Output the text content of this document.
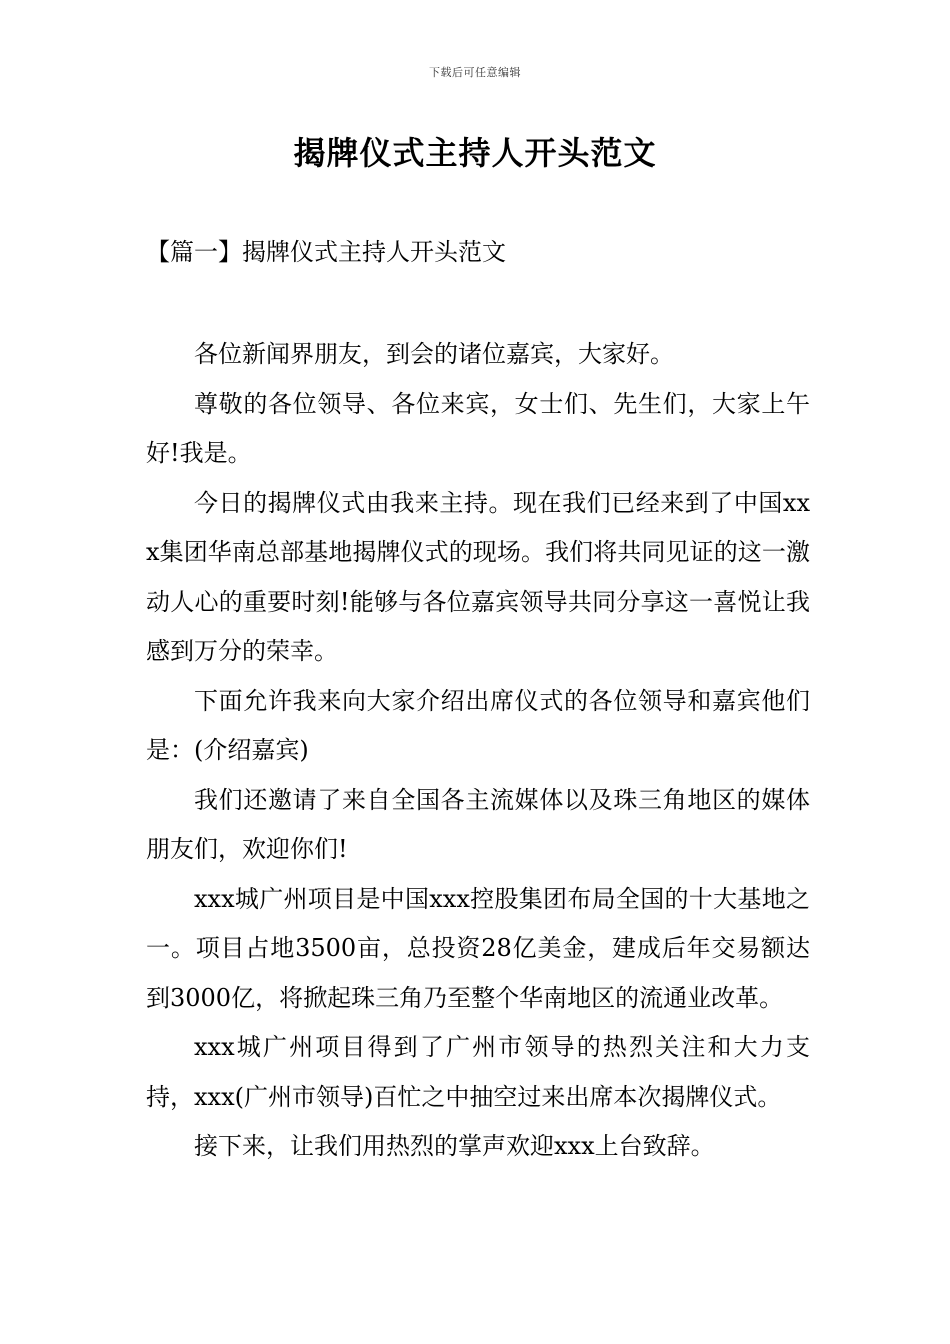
下载后可任意编辑
揭牌仪式主持人开头范文
【篇一】揭牌仪式主持人开头范文

各位新闻界朋友，到会的诸位嘉宾，大家好。

尊敬的各位领导、各位来宾，女士们、先生们，大家上午好!我是。

今日的揭牌仪式由我来主持。现在我们已经来到了中国xxx集团华南总部基地揭牌仪式的现场。我们将共同见证的这一激动人心的重要时刻!能够与各位嘉宾领导共同分享这一喜悦让我感到万分的荣幸。

下面允许我来向大家介绍出席仪式的各位领导和嘉宾他们是：(介绍嘉宾)

我们还邀请了来自全国各主流媒体以及珠三角地区的媒体朋友们，欢迎你们!

xxx城广州项目是中国xxx控股集团布局全国的十大基地之一。项目占地3500亩，总投资28亿美金，建成后年交易额达到3000亿，将掀起珠三角乃至整个华南地区的流通业改革。

xxx城广州项目得到了广州市领导的热烈关注和大力支持，xxx(广州市领导)百忙之中抽空过来出席本次揭牌仪式。

接下来，让我们用热烈的掌声欢迎xxx上台致辞。
